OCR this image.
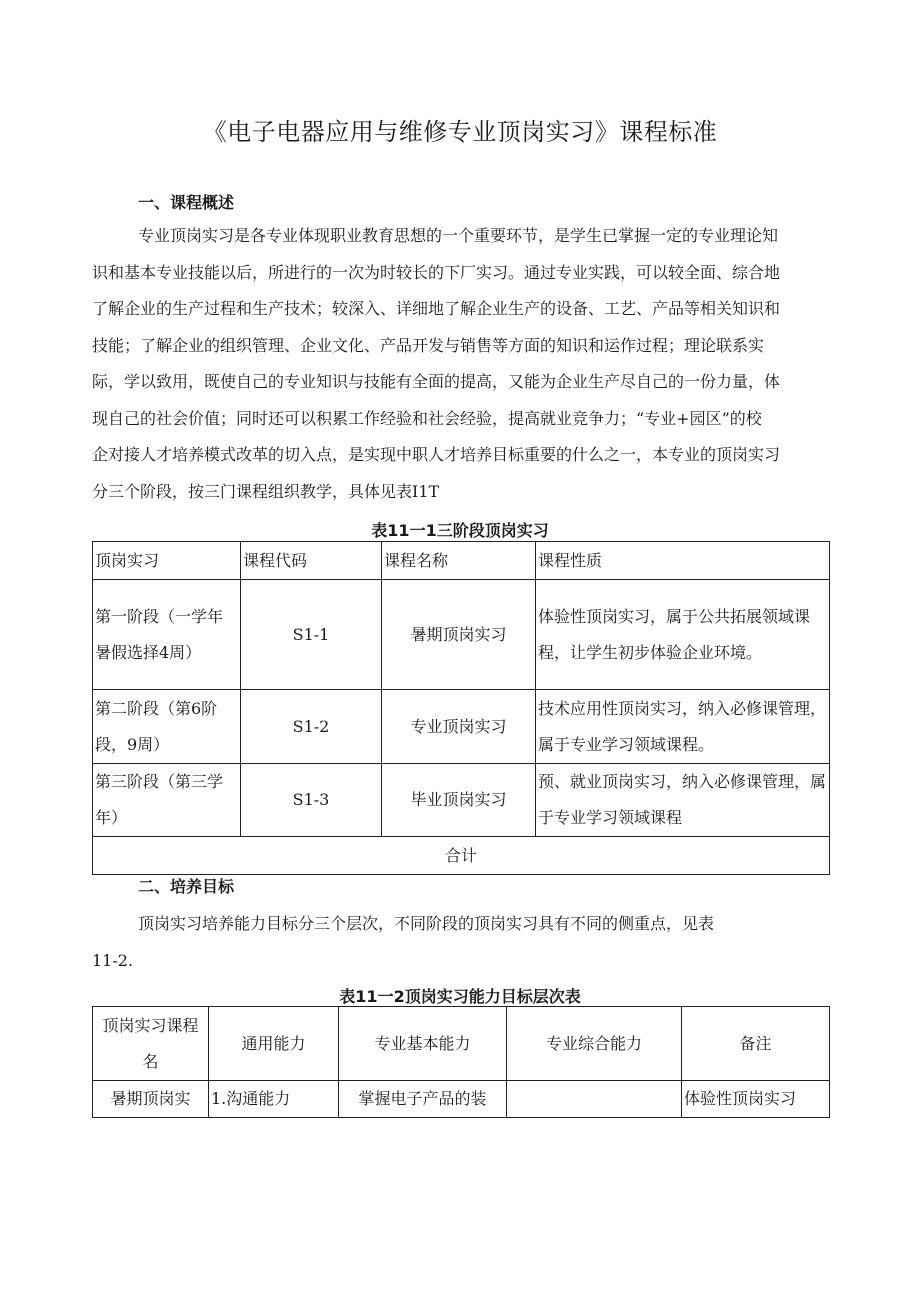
《电子电器应用与维修专业顶岗实习》课程标准
一、课程概述
专业顶岗实习是各专业体现职业教育思想的一个重要环节，是学生已掌握一定的专业理论知
识和基本专业技能以后，所进行的一次为时较长的下厂实习。通过专业实践，可以较全面、综合地
了解企业的生产过程和生产技术；较深入、详细地了解企业生产的设备、工艺、产品等相关知识和
技能；了解企业的组织管理、企业文化、产品开发与销售等方面的知识和运作过程；理论联系实
际，学以致用，既使自己的专业知识与技能有全面的提高，又能为企业生产尽自己的一份力量，体
现自己的社会价值；同时还可以积累工作经验和社会经验，提高就业竞争力；“专业+园区”的校
企对接人才培养模式改革的切入点，是实现中职人才培养目标重要的什么之一，本专业的顶岗实习
分三个阶段，按三门课程组织教学，具体见表I1T
表11一1三阶段顶岗实习
顶岗实习	课程代码	课程名称	课程性质
第一阶段（一学年暑假选择4周）	S1-1	暑期顶岗实习	体验性顶岗实习，属于公共拓展领域课程，让学生初步体验企业环境。
第二阶段（第6阶段，9周）	S1-2	专业顶岗实习	技术应用性顶岗实习，纳入必修课管理，属于专业学习领域课程。
第三阶段（第三学年）	S1-3	毕业顶岗实习	预、就业顶岗实习，纳入必修课管理，属于专业学习领域课程
合计			
二、培养目标
顶岗实习培养能力目标分三个层次，不同阶段的顶岗实习具有不同的侧重点，见表
11-2.
表11一2顶岗实习能力目标层次表
顶岗实习课程名	通用能力	专业基本能力	专业综合能力	备注
暑期顶岗实	1.沟通能力	掌握电子产品的装		体验性顶岗实习
